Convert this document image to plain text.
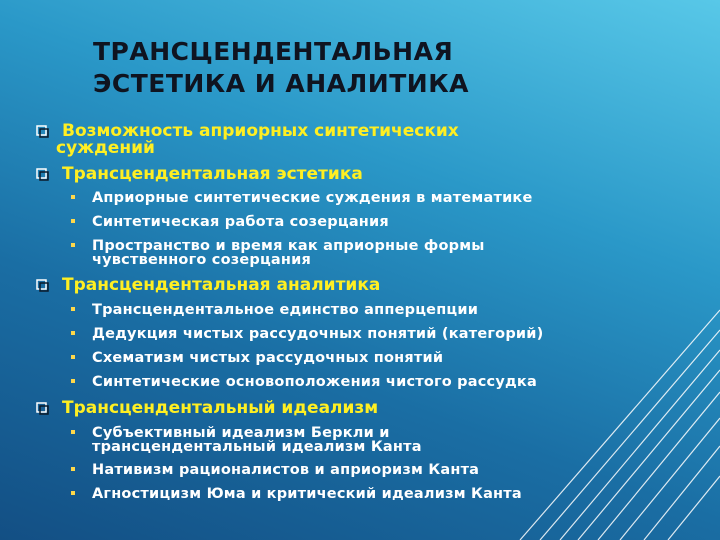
ТРАНСЦЕНДЕНТАЛЬНАЯ
ЭСТЕТИКА И АНАЛИТИКА
Возможность априорных синтетических
суждений
Трансцендентальная эстетика
Априорные синтетические суждения в математике
Синтетическая работа созерцания
Пространство и время как априорные формы
чувственного созерцания
Трансцендентальная аналитика
Трансцендентальное единство апперцепции
Дедукция чистых рассудочных понятий (категорий)
Схематизм чистых рассудочных понятий
Синтетические основоположения чистого рассудка
Трансцендентальный идеализм
Субъективный идеализм Беркли и
трансцендентальный идеализм Канта
Нативизм рационалистов и априоризм Канта
Агностицизм Юма и критический идеализм Канта
